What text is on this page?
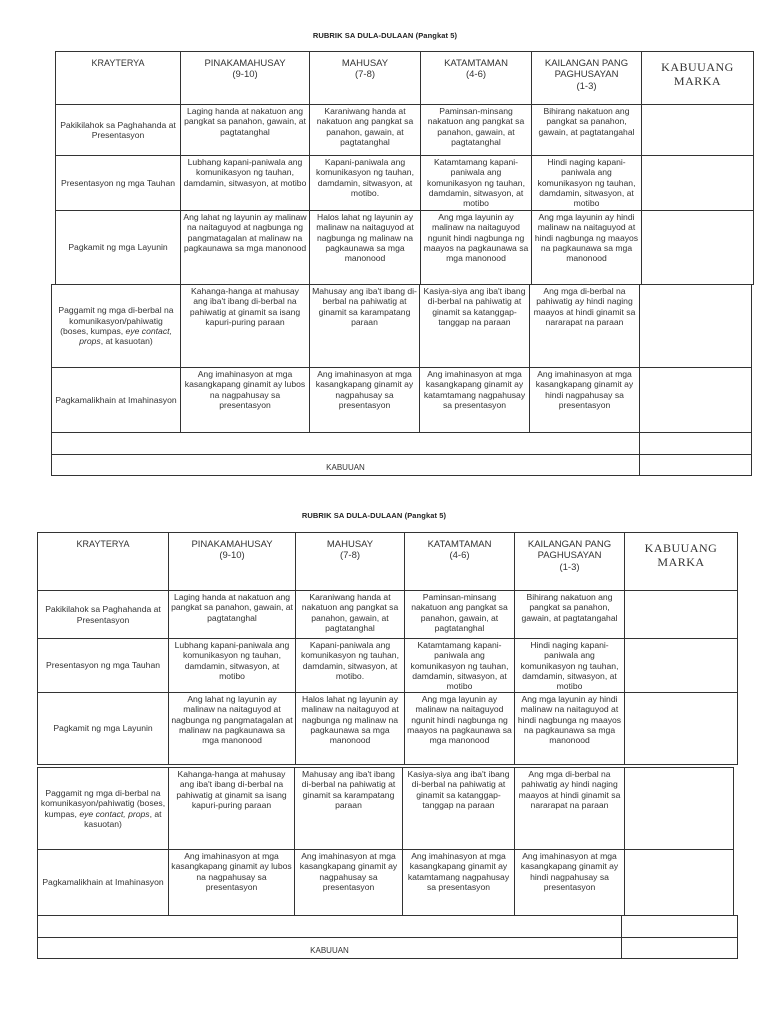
RUBRIK SA DULA-DULAAN (Pangkat 5)
KRAYTERYA	PINAKAMAHUSAY
(9-10)
MAHUSAY
(7-8)
KATAMTAMAN
(4-6)
KAILANGAN PANG PAGHUSAYAN
(1-3)
KABUUANG MARKA
Pakikilahok sa Paghahanda at Presentasyon
Laging handa at nakatuon ang pangkat sa panahon, gawain, at pagtatanghal
Karaniwang handa at nakatuon ang pangkat sa panahon, gawain, at pagtatanghal
Paminsan-minsang nakatuon ang pangkat sa panahon, gawain, at pagtatanghal
Bihirang nakatuon ang pangkat sa panahon, gawain, at pagtatangahal
Presentasyon ng mga Tauhan
Lubhang kapani-paniwala ang komunikasyon ng tauhan, damdamin, sitwasyon, at motibo
Kapani-paniwala ang komunikasyon ng tauhan, damdamin, sitwasyon, at motibo.
Katamtamang kapani-paniwala ang komunikasyon ng tauhan, damdamin, sitwasyon, at motibo
Hindi naging kapani-paniwala ang komunikasyon ng tauhan, damdamin, sitwasyon, at motibo
Pagkamit ng mga Layunin
Ang lahat ng layunin ay malinaw na naitaguyod at nagbunga ng pangmatagalan at malinaw na pagkaunawa sa mga manonood
Halos lahat ng layunin ay malinaw na naitaguyod at nagbunga ng malinaw na pagkaunawa sa mga manonood
Ang mga layunin ay malinaw na naitaguyod ngunit hindi nagbunga ng maayos na pagkaunawa sa mga manonood
Ang mga layunin ay hindi malinaw na naitaguyod at hindi nagbunga ng maayos na pagkaunawa sa mga manonood
Paggamit ng mga di-berbal na komunikasyon/pahiwatig (boses, kumpas, eye contact, props, at kasuotan)
Kahanga-hanga at mahusay ang iba't ibang di-berbal na pahiwatig at ginamit sa isang kapuri-puring paraan
Mahusay ang iba't ibang di-berbal na pahiwatig at ginamit sa karampatang paraan
Kasiya-siya ang iba't ibang di-berbal na pahiwatig at ginamit sa katanggap-tanggap na paraan
Ang mga di-berbal na pahiwatig ay hindi naging maayos at hindi ginamit sa nararapat na paraan
Pagkamalikhain at Imahinasyon
Ang imahinasyon at mga kasangkapang ginamit ay lubos na nagpahusay sa presentasyon
Ang imahinasyon at mga kasangkapang ginamit ay nagpahusay sa presentasyon
Ang imahinasyon at mga kasangkapang ginamit ay katamtamang nagpahusay sa presentasyon
Ang imahinasyon at mga kasangkapang ginamit ay hindi nagpahusay sa presentasyon
KABUUAN
RUBRIK SA DULA-DULAAN (Pangkat 5)
KRAYTERYA	PINAKAMAHUSAY
(9-10)
MAHUSAY
(7-8)
KATAMTAMAN
(4-6)
KAILANGAN PANG PAGHUSAYAN
(1-3)
KABUUANG MARKA
Pakikilahok sa Paghahanda at Presentasyon
Laging handa at nakatuon ang pangkat sa panahon, gawain, at pagtatanghal
Karaniwang handa at nakatuon ang pangkat sa panahon, gawain, at pagtatanghal
Paminsan-minsang nakatuon ang pangkat sa panahon, gawain, at pagtatanghal
Bihirang nakatuon ang pangkat sa panahon, gawain, at pagtatangahal
Presentasyon ng mga Tauhan
Lubhang kapani-paniwala ang komunikasyon ng tauhan, damdamin, sitwasyon, at motibo
Kapani-paniwala ang komunikasyon ng tauhan, damdamin, sitwasyon, at motibo.
Katamtamang kapani-paniwala ang komunikasyon ng tauhan, damdamin, sitwasyon, at motibo
Hindi naging kapani-paniwala ang komunikasyon ng tauhan, damdamin, sitwasyon, at motibo
Pagkamit ng mga Layunin
Ang lahat ng layunin ay malinaw na naitaguyod at nagbunga ng pangmatagalan at malinaw na pagkaunawa sa mga manonood
Halos lahat ng layunin ay malinaw na naitaguyod at nagbunga ng malinaw na pagkaunawa sa mga manonood
Ang mga layunin ay malinaw na naitaguyod ngunit hindi nagbunga ng maayos na pagkaunawa sa mga manonood
Ang mga layunin ay hindi malinaw na naitaguyod at hindi nagbunga ng maayos na pagkaunawa sa mga manonood
Paggamit ng mga di-berbal na komunikasyon/pahiwatig (boses, kumpas, eye contact, props, at kasuotan)
Kahanga-hanga at mahusay ang iba't ibang di-berbal na pahiwatig at ginamit sa isang kapuri-puring paraan
Mahusay ang iba't ibang di-berbal na pahiwatig at ginamit sa karampatang paraan
Kasiya-siya ang iba't ibang di-berbal na pahiwatig at ginamit sa katanggap-tanggap na paraan
Ang mga di-berbal na pahiwatig ay hindi naging maayos at hindi ginamit sa nararapat na paraan
Pagkamalikhain at Imahinasyon
Ang imahinasyon at mga kasangkapang ginamit ay lubos na nagpahusay sa presentasyon
Ang imahinasyon at mga kasangkapang ginamit ay nagpahusay sa presentasyon
Ang imahinasyon at mga kasangkapang ginamit ay katamtamang nagpahusay sa presentasyon
Ang imahinasyon at mga kasangkapang ginamit ay hindi nagpahusay sa presentasyon
KABUUAN
